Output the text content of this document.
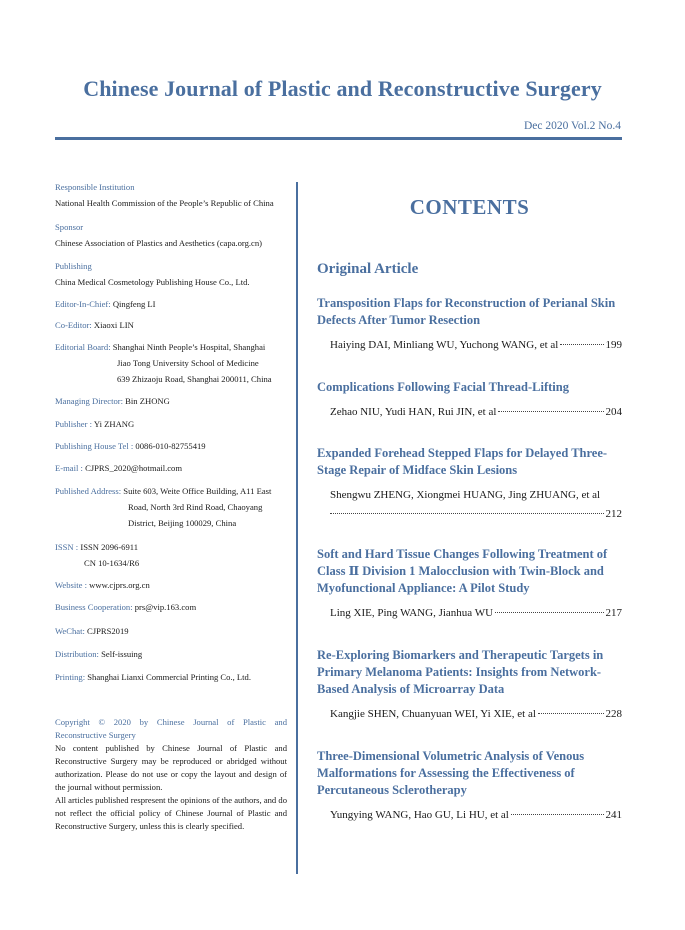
Chinese Journal of Plastic and Reconstructive Surgery
Dec 2020 Vol.2 No.4
Responsible Institution
National Health Commission of the People’s Republic of China
Sponsor
Chinese Association of Plastics and Aesthetics (capa.org.cn)
Publishing
China Medical Cosmetology Publishing House Co., Ltd.
Editor-In-Chief: Qingfeng LI
Co-Editor: Xiaoxi LIN
Editorial Board: Shanghai Ninth People’s Hospital, Shanghai
Jiao Tong University School of Medicine
639 Zhizaoju Road, Shanghai 200011, China
Managing Director: Bin ZHONG
Publisher : Yi ZHANG
Publishing House Tel : 0086-010-82755419
E-mail : CJPRS_2020@hotmail.com
Published Address: Suite 603, Weite Office Building, A11 East
Road, North 3rd Rind Road, Chaoyang
District, Beijing 100029, China
ISSN : ISSN 2096-6911
CN 10-1634/R6
Website : www.cjprs.org.cn
Business Cooperation: prs@vip.163.com
WeChat: CJPRS2019
Distribution: Self-issuing
Printing: Shanghai Lianxi Commercial Printing Co., Ltd.
Copyright © 2020 by Chinese Journal of Plastic and Reconstructive Surgery
No content published by Chinese Journal of Plastic and Reconstructive Surgery may be reproduced or abridged without authorization. Please do not use or copy the layout and design of the journal without permission.
All articles published respresent the opinions of the authors, and do not reflect the official policy of Chinese Journal of Plastic and Reconstructive Surgery, unless this is clearly specified.
CONTENTS
Original Article
Transposition Flaps for Reconstruction of Perianal Skin Defects After Tumor Resection
Haiying DAI, Minliang WU, Yuchong WANG, et al	199
Complications Following Facial Thread-Lifting
Zehao NIU, Yudi HAN, Rui JIN, et al	204
Expanded Forehead Stepped Flaps for Delayed Three-Stage Repair of Midface Skin Lesions
Shengwu ZHENG, Xiongmei HUANG, Jing ZHUANG, et al
212
Soft and Hard Tissue Changes Following Treatment of Class Ⅱ Division 1 Malocclusion with Twin-Block and Myofunctional Appliance: A Pilot Study
Ling XIE, Ping WANG, Jianhua WU	217
Re-Exploring Biomarkers and Therapeutic Targets in Primary Melanoma Patients: Insights from Network-Based Analysis of Microarray Data
Kangjie SHEN, Chuanyuan WEI, Yi XIE, et al	228
Three-Dimensional Volumetric Analysis of Venous Malformations for Assessing the Effectiveness of Percutaneous Sclerotherapy
Yungying WANG, Hao GU, Li HU, et al	241
